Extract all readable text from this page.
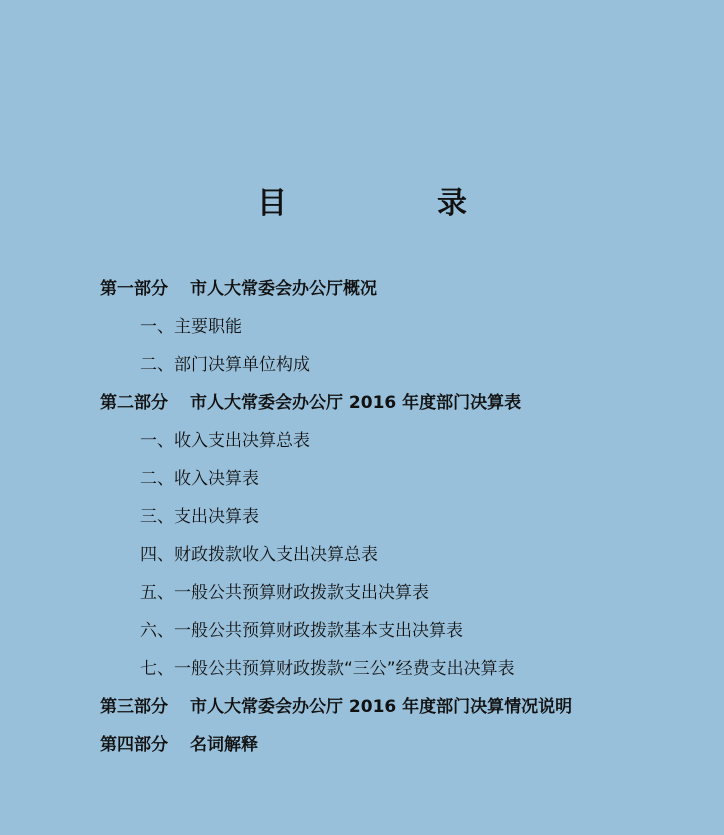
目　录
第一部分 市人大常委会办公厅概况
一、主要职能
二、部门决算单位构成
第二部分 市人大常委会办公厅 2016 年度部门决算表
一、收入支出决算总表
二、收入决算表
三、支出决算表
四、财政拨款收入支出决算总表
五、一般公共预算财政拨款支出决算表
六、一般公共预算财政拨款基本支出决算表
七、一般公共预算财政拨款“三公”经费支出决算表
第三部分 市人大常委会办公厅 2016 年度部门决算情况说明
第四部分 名词解释
